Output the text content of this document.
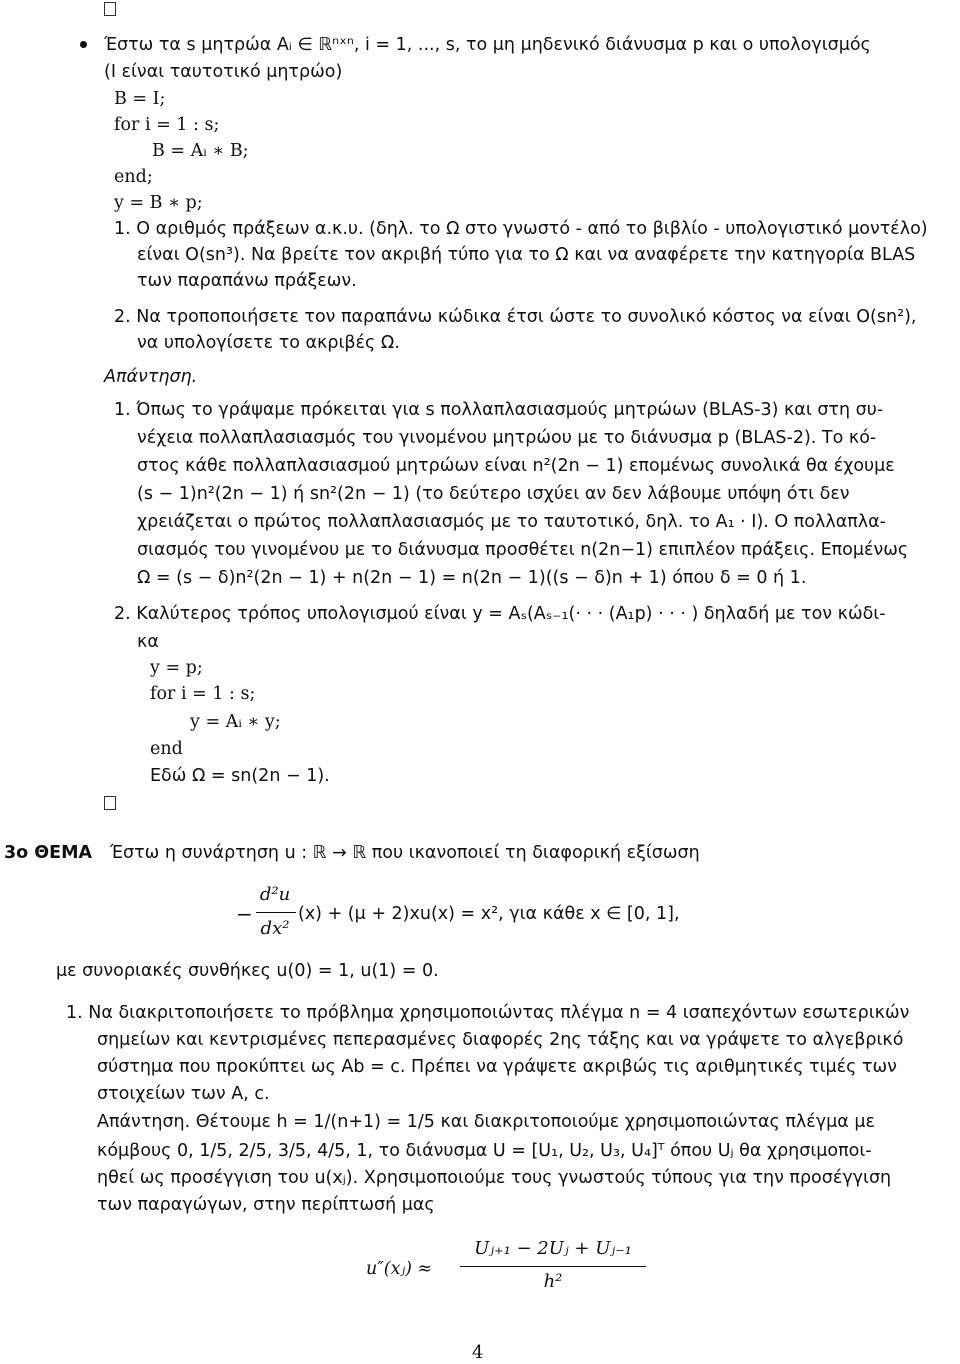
Έστω τα s μητρώα Aᵢ ∈ ℝⁿˣⁿ, i = 1, ..., s, το μη μηδενικό διάνυσμα p και ο υπολογισμός
(I είναι ταυτοτικό μητρώο)
B = I;
for i = 1 : s;
B = Aᵢ ∗ B;
end;
y = B ∗ p;
1. Ο αριθμός πράξεων α.κ.υ. (δηλ. το Ω στο γνωστό - από το βιβλίο - υπολογιστικό μοντέλο)
είναι O(sn³). Να βρείτε τον ακριβή τύπο για το Ω και να αναφέρετε την κατηγορία BLAS
των παραπάνω πράξεων.
2. Να τροποποιήσετε τον παραπάνω κώδικα έτσι ώστε το συνολικό κόστος να είναι O(sn²),
να υπολογίσετε το ακριβές Ω.
Απάντηση.
1. Όπως το γράψαμε πρόκειται για s πολλαπλασιασμούς μητρώων (BLAS-3) και στη συ-
νέχεια πολλαπλασιασμός του γινομένου μητρώου με το διάνυσμα p (BLAS-2). Το κό-
στος κάθε πολλαπλασιασμού μητρώων είναι n²(2n − 1) επομένως συνολικά θα έχουμε
(s − 1)n²(2n − 1) ή sn²(2n − 1) (το δεύτερο ισχύει αν δεν λάβουμε υπόψη ότι δεν
χρειάζεται ο πρώτος πολλαπλασιασμός με το ταυτοτικό, δηλ. το A₁ · I). Ο πολλαπλα-
σιασμός του γινομένου με το διάνυσμα προσθέτει n(2n−1) επιπλέον πράξεις. Επομένως
Ω = (s − δ)n²(2n − 1) + n(2n − 1) = n(2n − 1)((s − δ)n + 1) όπου δ = 0 ή 1.
2. Καλύτερος τρόπος υπολογισμού είναι y = Aₛ(Aₛ₋₁(· · · (A₁p) · · · ) δηλαδή με τον κώδι-
κα
y = p;
for i = 1 : s;
y = Aᵢ ∗ y;
end
Εδώ Ω = sn(2n − 1).
3ο ΘΕΜΑ Έστω η συνάρτηση u : ℝ → ℝ που ικανοποιεί τη διαφορική εξίσωση
−
d²u
dx²
(x) + (μ + 2)xu(x) = x², για κάθε x ∈ [0, 1],
με συνοριακές συνθήκες u(0) = 1, u(1) = 0.
1. Να διακριτοποιήσετε το πρόβλημα χρησιμοποιώντας πλέγμα n = 4 ισαπεχόντων εσωτερικών
σημείων και κεντρισμένες πεπερασμένες διαφορές 2ης τάξης και να γράψετε το αλγεβρικό
σύστημα που προκύπτει ως Ab = c. Πρέπει να γράψετε ακριβώς τις αριθμητικές τιμές των
στοιχείων των A, c.
Απάντηση. Θέτουμε h = 1/(n+1) = 1/5 και διακριτοποιούμε χρησιμοποιώντας πλέγμα με
κόμβους 0, 1/5, 2/5, 3/5, 4/5, 1, το διάνυσμα U = [U₁, U₂, U₃, U₄]ᵀ όπου Uⱼ θα χρησιμοποι-
ηθεί ως προσέγγιση του u(xⱼ). Χρησιμοποιούμε τους γνωστούς τύπους για την προσέγγιση
των παραγώγων, στην περίπτωσή μας
u″(xⱼ) ≈
Uⱼ₊₁ − 2Uⱼ + Uⱼ₋₁
h²
4
